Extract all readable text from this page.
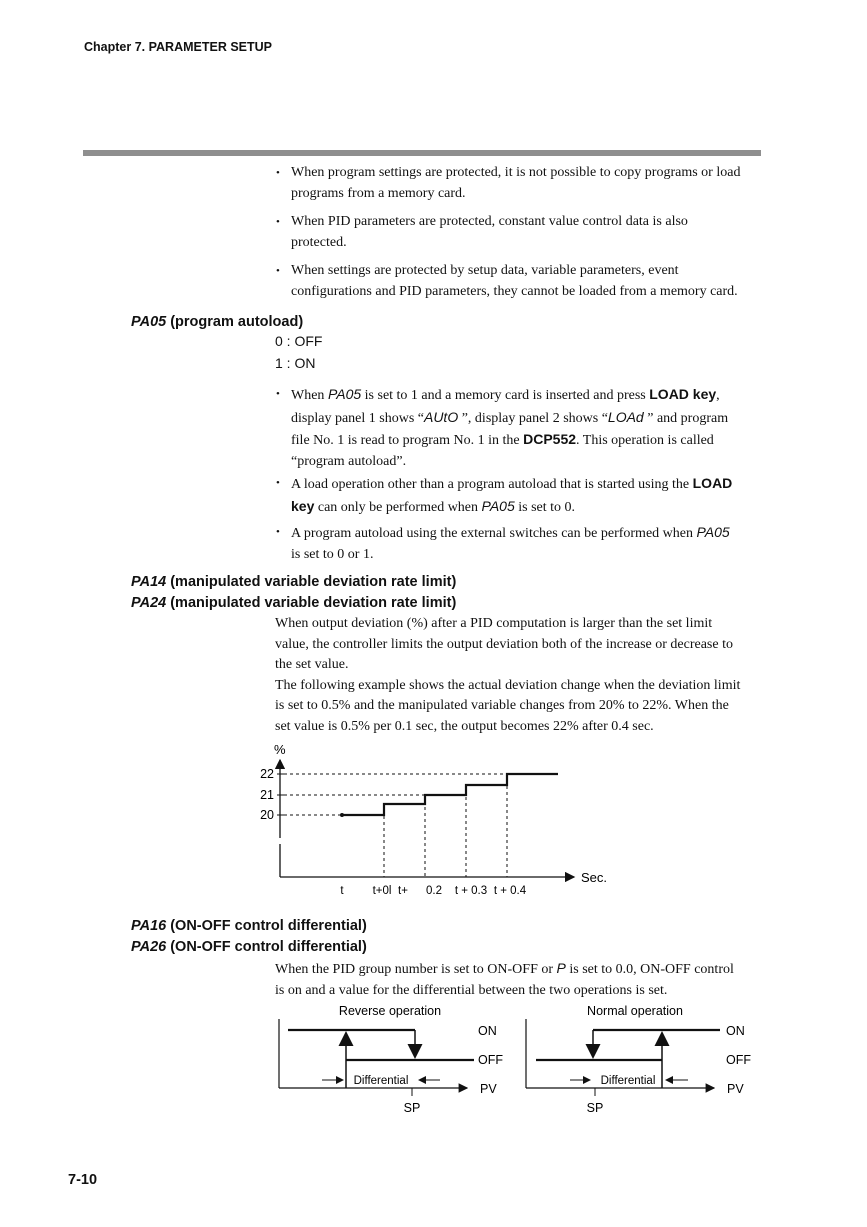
Chapter 7. PARAMETER SETUP
• When program settings are protected, it is not possible to copy programs or load
programs from a memory card.
• When PID parameters are protected, constant value control data is also
protected.
• When settings are protected by setup data, variable parameters, event
configurations and PID parameters, they cannot be loaded from a memory card.
PA05 (program autoload)
0 : OFF
1 : ON
• When PA05 is set to 1 and a memory card is inserted and press LOAD key,
display panel 1 shows “AUtO ”, display panel 2 shows “LOAd ” and program
file No. 1 is read to program No. 1 in the DCP552. This operation is called
“program autoload”.
• A load operation other than a program autoload that is started using the LOAD
key can only be performed when PA05 is set to 0.
• A program autoload using the external switches can be performed when PA05
is set to 0 or 1.
PA14 (manipulated variable deviation rate limit)
PA24 (manipulated variable deviation rate limit)
When output deviation (%) after a PID computation is larger than the set limit
value, the controller limits the output deviation both of the increase or decrease to
the set value.
The following example shows the actual deviation change when the deviation limit
is set to 0.5% and the manipulated variable changes from 20% to 22%. When the
set value is 0.5% per 0.1 sec, the output becomes 22% after 0.4 sec.
%
Sec.
22
21
20
t	t+0l t+ 0.2 t + 0.3 t + 0.4
PA16 (ON-OFF control differential)
PA26 (ON-OFF control differential)
When the PID group number is set to ON-OFF or P is set to 0.0, ON-OFF control
is on and a value for the differential between the two operations is set.
Reverse operation
PV
ON
OFF
Differential
SP
Normal operation
PV
ON
OFF
Differential
SP
7-10
